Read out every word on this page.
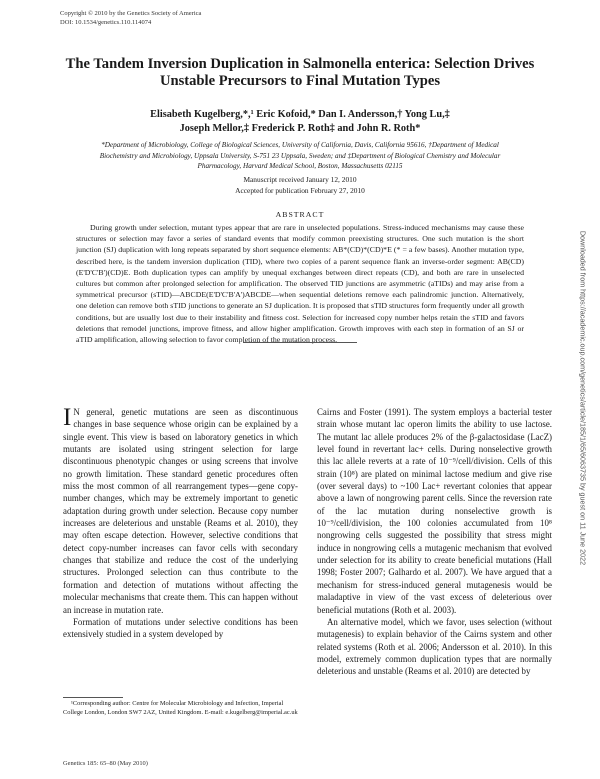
Copyright © 2010 by the Genetics Society of America
DOI: 10.1534/genetics.110.114074
The Tandem Inversion Duplication in Salmonella enterica: Selection Drives
Unstable Precursors to Final Mutation Types
Elisabeth Kugelberg,*,¹ Eric Kofoid,* Dan I. Andersson,† Yong Lu,‡
Joseph Mellor,‡ Frederick P. Roth‡ and John R. Roth*
*Department of Microbiology, College of Biological Sciences, University of California, Davis, California 95616, †Department of Medical
Biochemistry and Microbiology, Uppsala University, S-751 23 Uppsala, Sweden; and ‡Department of Biological Chemistry and Molecular
Pharmacology, Harvard Medical School, Boston, Massachusetts 02115
Manuscript received January 12, 2010
Accepted for publication February 27, 2010
ABSTRACT
During growth under selection, mutant types appear that are rare in unselected populations. Stress-induced mechanisms may cause these structures or selection may favor a series of standard events that modify common preexisting structures. One such mutation is the short junction (SJ) duplication with long repeats separated by short sequence elements: AB*(CD)*(CD)*E (* = a few bases). Another mutation type, described here, is the tandem inversion duplication (TID), where two copies of a parent sequence flank an inverse-order segment: AB(CD)(E'D'C'B')(CD)E. Both duplication types can amplify by unequal exchanges between direct repeats (CD), and both are rare in unselected cultures but common after prolonged selection for amplification. The observed TID junctions are asymmetric (aTIDs) and may arise from a symmetrical precursor (sTID)—ABCDE(E'D'C'B'A')ABCDE—when sequential deletions remove each palindromic junction. Alternatively, one deletion can remove both sTID junctions to generate an SJ duplication. It is proposed that sTID structures form frequently under all growth conditions, but are usually lost due to their instability and fitness cost. Selection for increased copy number helps retain the sTID and favors deletions that remodel junctions, improve fitness, and allow higher amplification. Growth improves with each step in formation of an SJ or aTID amplification, allowing selection to favor completion of the mutation process.

I N general, genetic mutations are seen as discontinuous changes in base sequence whose origin can be explained by a single event. This view is based on laboratory genetics in which mutants are isolated using stringent selection for large discontinuous phenotypic changes or using screens that involve no growth limitation. These standard genetic procedures often miss the most common of all rearrangement types—gene copy-number changes, which may be extremely important to genetic adaptation during growth under selection. Because copy number increases are deleterious and unstable (Reams et al. 2010), they may often escape detection. However, selective conditions that detect copy-number increases can favor cells with secondary changes that stabilize and reduce the cost of the underlying structures. Prolonged selection can thus contribute to the formation and detection of mutations without affecting the molecular mechanisms that create them. This can happen without an increase in mutation rate.

Formation of mutations under selective conditions has been extensively studied in a system developed by

Cairns and Foster (1991). The system employs a bacterial tester strain whose mutant lac operon limits the ability to use lactose. The mutant lac allele produces 2% of the β-galactosidase (LacZ) level found in revertant lac+ cells. During nonselective growth this lac allele reverts at a rate of 10⁻⁹/cell/division. Cells of this strain (10⁸) are plated on minimal lactose medium and give rise (over several days) to ~100 Lac+ revertant colonies that appear above a lawn of nongrowing parent cells. Since the reversion rate of the lac mutation during nonselective growth is 10⁻⁹/cell/division, the 100 colonies accumulated from 10⁸ nongrowing cells suggested the possibility that stress might induce in nongrowing cells a mutagenic mechanism that evolved under selection for its ability to create beneficial mutations (Hall 1998; Foster 2007; Galhardo et al. 2007). We have argued that a mechanism for stress-induced general mutagenesis would be maladaptive in view of the vast excess of deleterious over beneficial mutations (Roth et al. 2003).

An alternative model, which we favor, uses selection (without mutagenesis) to explain behavior of the Cairns system and other related systems (Roth et al. 2006; Andersson et al. 2010). In this model, extremely common duplication types that are normally deleterious and unstable (Reams et al. 2010) are detected by

¹Corresponding author: Centre for Molecular Microbiology and Infection, Imperial College London, London SW7 2AZ, United Kingdom. E-mail: e.kugelberg@imperial.ac.uk
Genetics 185: 65–80 (May 2010)
Downloaded from https://academic.oup.com/genetics/article/185/1/65/6063735 by guest on 11 June 2022
